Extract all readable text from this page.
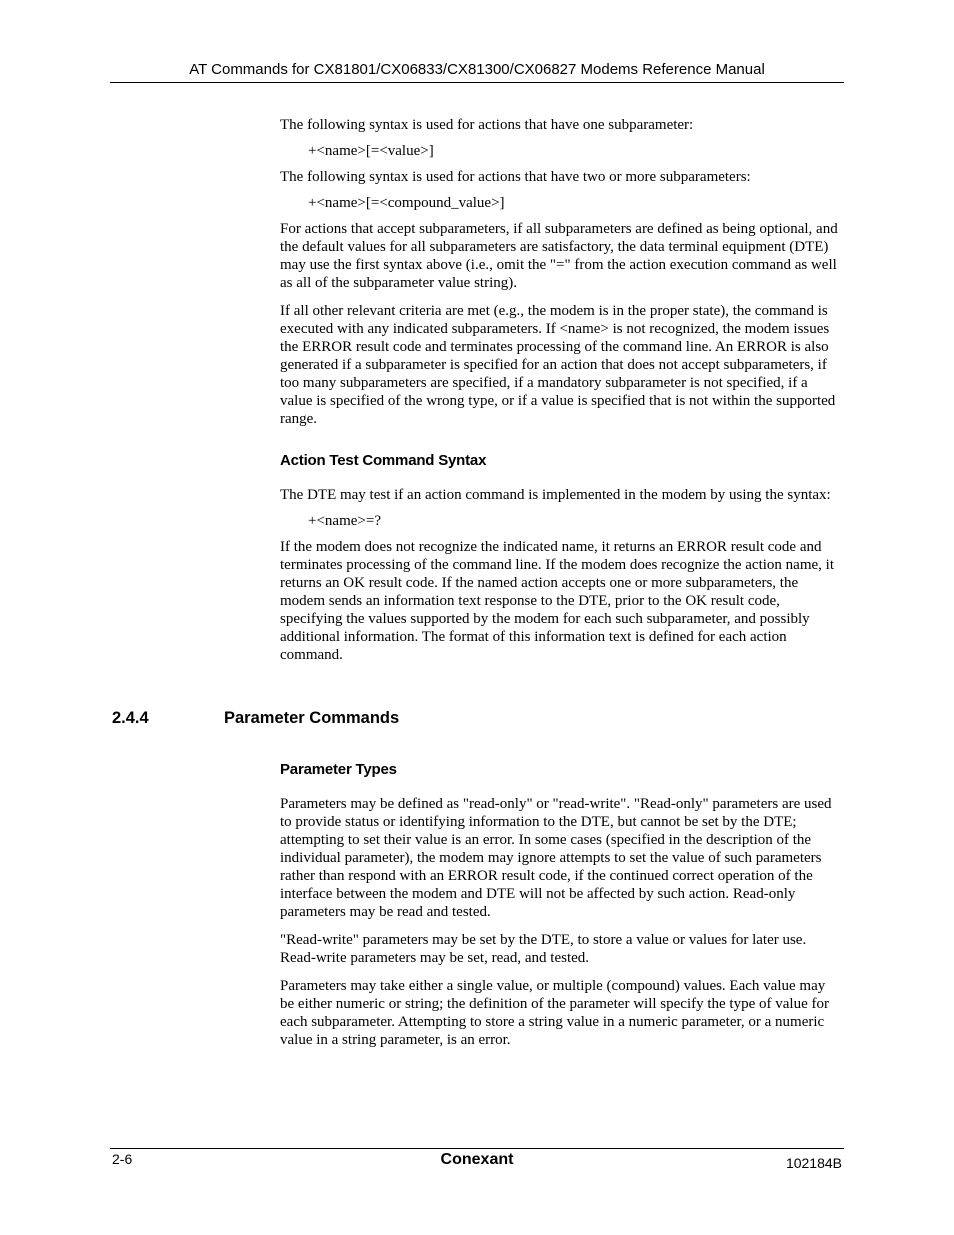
AT Commands for CX81801/CX06833/CX81300/CX06827 Modems Reference Manual

The following syntax is used for actions that have one subparameter:

+<name>[=<value>]

The following syntax is used for actions that have two or more subparameters:

+<name>[=<compound_value>]

For actions that accept subparameters, if all subparameters are defined as being optional, and the default values for all subparameters are satisfactory, the data terminal equipment (DTE) may use the first syntax above (i.e., omit the "=" from the action execution command as well as all of the subparameter value string).

If all other relevant criteria are met (e.g., the modem is in the proper state), the command is executed with any indicated subparameters. If <name> is not recognized, the modem issues the ERROR result code and terminates processing of the command line. An ERROR is also generated if a subparameter is specified for an action that does not accept subparameters, if too many subparameters are specified, if a mandatory subparameter is not specified, if a value is specified of the wrong type, or if a value is specified that is not within the supported range.

Action Test Command Syntax

The DTE may test if an action command is implemented in the modem by using the syntax:

+<name>=?

If the modem does not recognize the indicated name, it returns an ERROR result code and terminates processing of the command line. If the modem does recognize the action name, it returns an OK result code. If the named action accepts one or more subparameters, the modem sends an information text response to the DTE, prior to the OK result code, specifying the values supported by the modem for each such subparameter, and possibly additional information. The format of this information text is defined for each action command.

2.4.4	Parameter Commands

Parameter Types

Parameters may be defined as "read-only" or "read-write". "Read-only" parameters are used to provide status or identifying information to the DTE, but cannot be set by the DTE; attempting to set their value is an error. In some cases (specified in the description of the individual parameter), the modem may ignore attempts to set the value of such parameters rather than respond with an ERROR result code, if the continued correct operation of the interface between the modem and DTE will not be affected by such action. Read-only parameters may be read and tested.

"Read-write" parameters may be set by the DTE, to store a value or values for later use. Read-write parameters may be set, read, and tested.

Parameters may take either a single value, or multiple (compound) values. Each value may be either numeric or string; the definition of the parameter will specify the type of value for each subparameter. Attempting to store a string value in a numeric parameter, or a numeric value in a string parameter, is an error.

2-6	Conexant	102184B
